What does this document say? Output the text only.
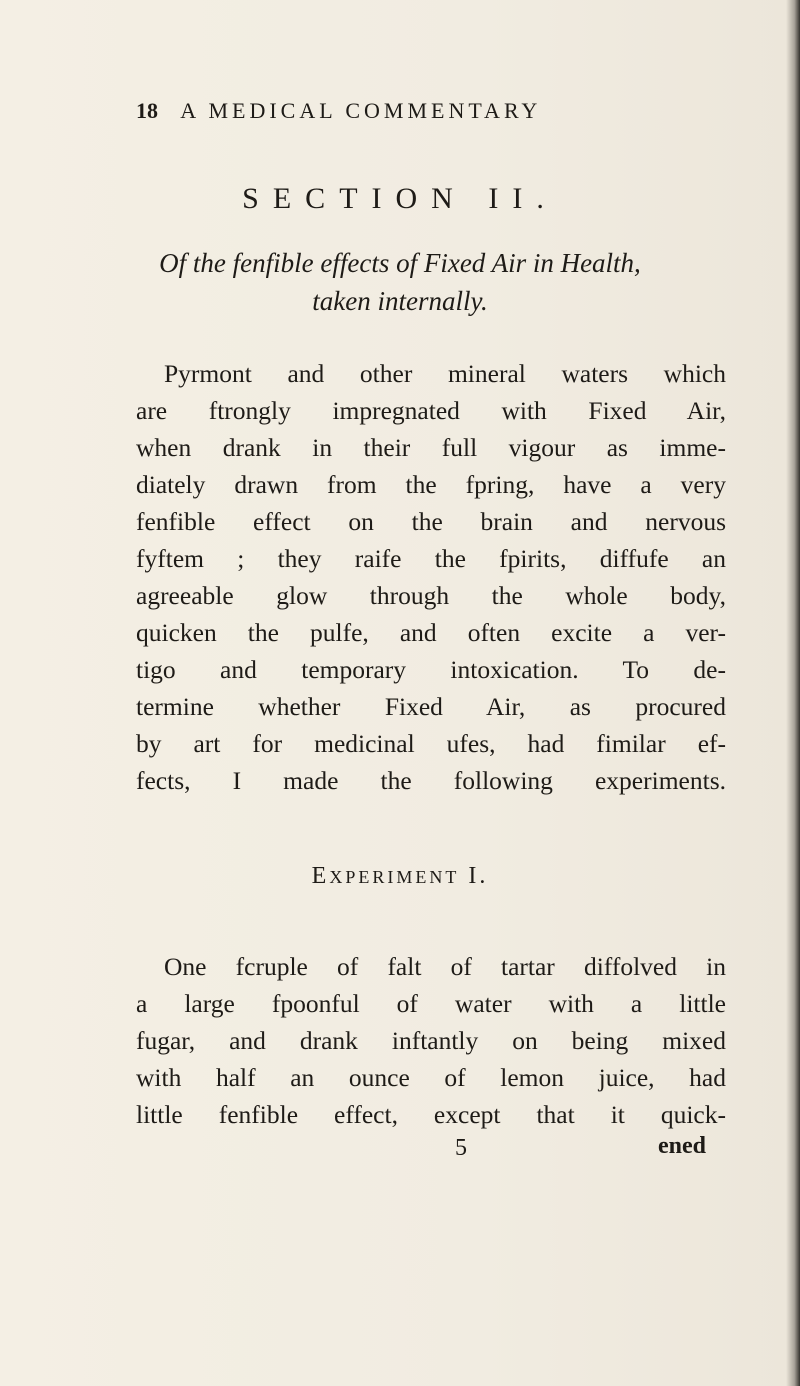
18 A MEDICAL COMMENTARY
SECTION II.
Of the fenfible effects of Fixed Air in Health,
taken internally.
Pyrmont and other mineral waters which
are ftrongly impregnated with Fixed Air,
when drank in their full vigour as imme-
diately drawn from the fpring, have a very
fenfible effect on the brain and nervous
fyftem ; they raife the fpirits, diffufe an
agreeable glow through the whole body,
quicken the pulfe, and often excite a ver-
tigo and temporary intoxication. To de-
termine whether Fixed Air, as procured
by art for medicinal ufes, had fimilar ef-
fects, I made the following experiments.
EXPERIMENT I.
One fcruple of falt of tartar diffolved in
a large fpoonful of water with a little
fugar, and drank inftantly on being mixed
with half an ounce of lemon juice, had
little fenfible effect, except that it quick-
5	ened
